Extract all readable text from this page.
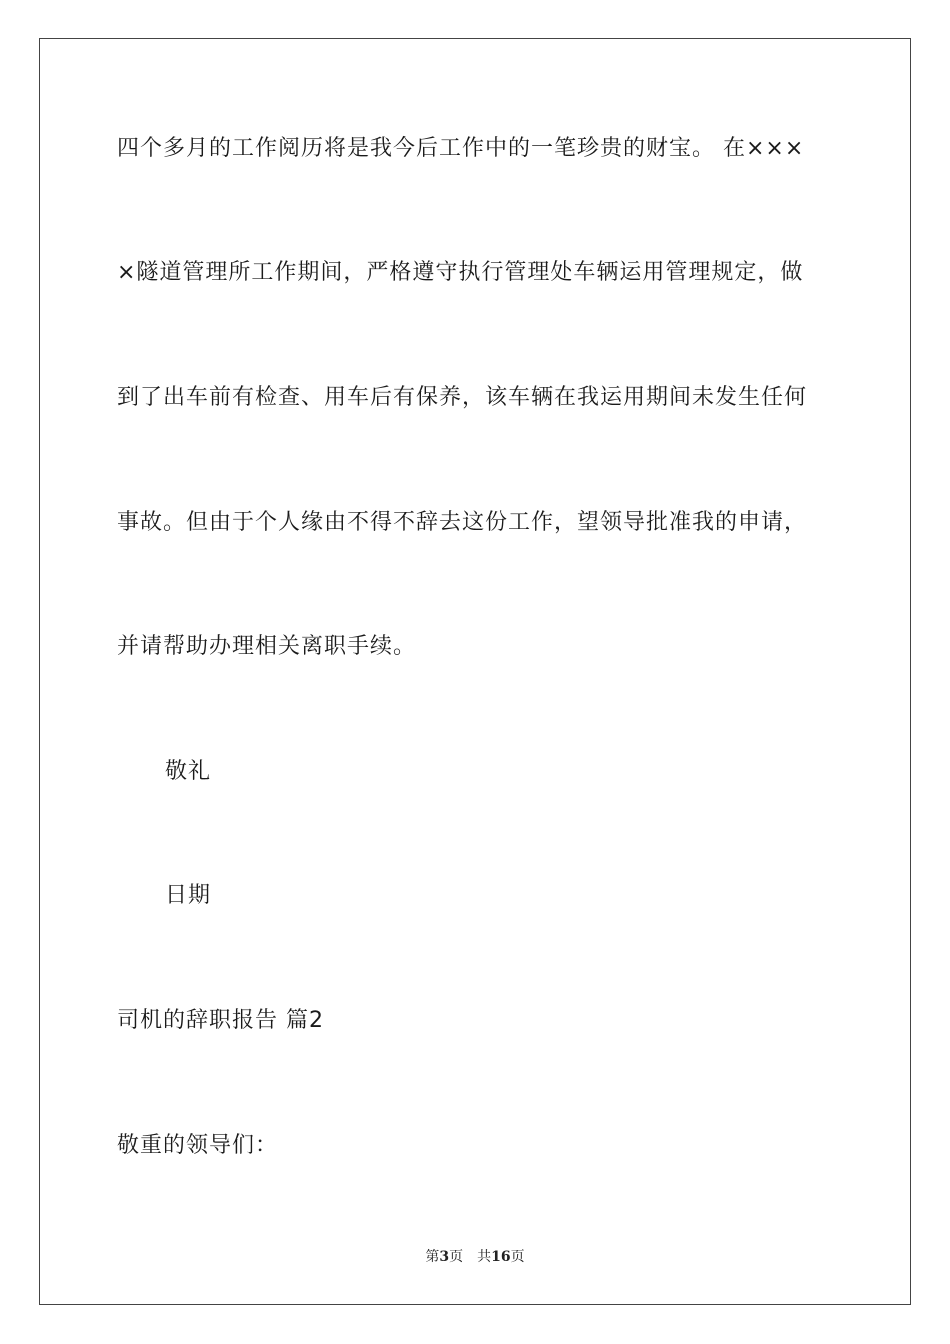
四个多月的工作阅历将是我今后工作中的一笔珍贵的财宝。 在×××
×隧道管理所工作期间，严格遵守执行管理处车辆运用管理规定，做
到了出车前有检查、用车后有保养，该车辆在我运用期间未发生任何
事故。但由于个人缘由不得不辞去这份工作，望领导批准我的申请，
并请帮助办理相关离职手续。
敬礼
日期
司机的辞职报告 篇2
敬重的领导们：
第3页 共16页
